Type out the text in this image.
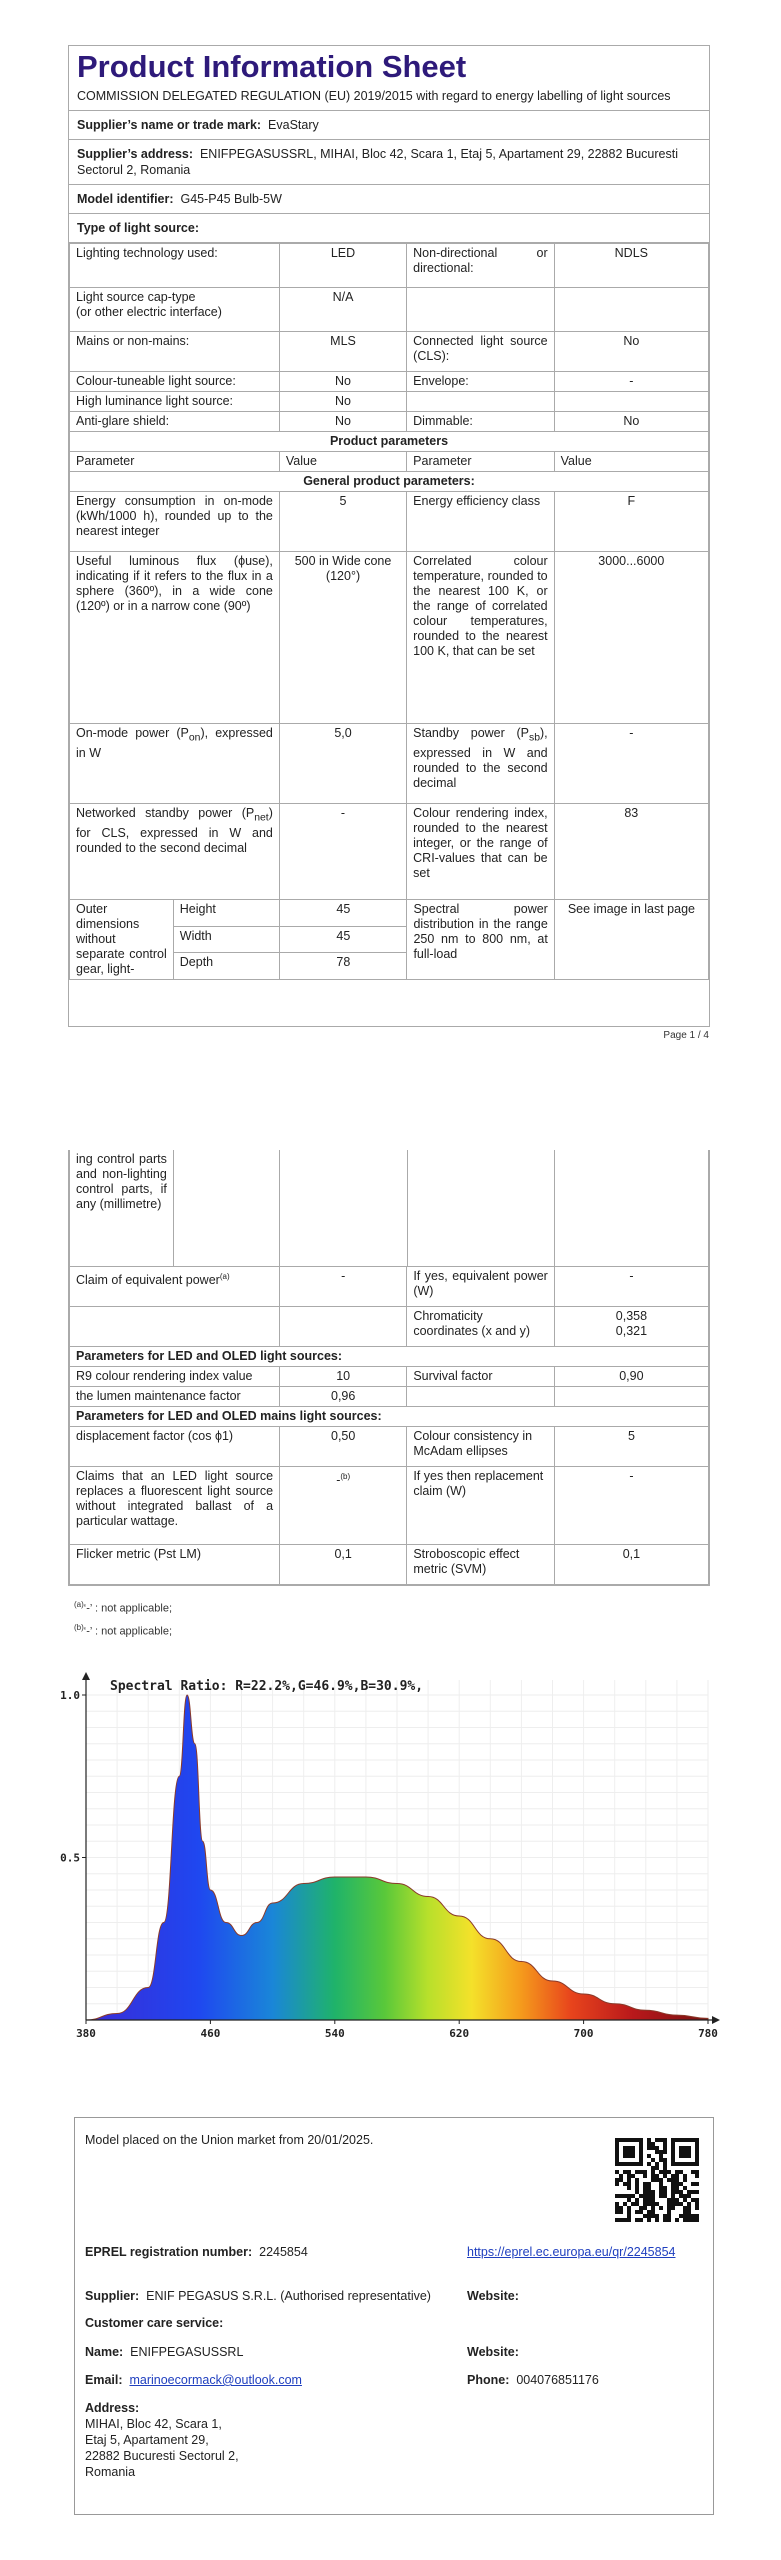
Product Information Sheet
COMMISSION DELEGATED REGULATION (EU) 2019/2015 with regard to energy labelling of light sources
Supplier’s name or trade mark: EvaStary
Supplier’s address: ENIFPEGASUSSRL, MIHAI, Bloc 42, Scara 1, Etaj 5, Apartament 29, 22882 Bucuresti Sectorul 2, Romania
Model identifier: G45-P45 Bulb-5W
Type of light source:
Lighting technology used:	LED	Non-directional or directional:	NDLS
Light source cap-type
(or other electric interface)	N/A		
Mains or non-mains:	MLS	Connected light source (CLS):	No
Colour-tuneable light source:	No	Envelope:	-
High luminance light source:	No		
Anti-glare shield:	No	Dimmable:	No
Product parameters			
Parameter	Value	Parameter	Value
General product parameters:			
Energy consumption in on-mode (kWh/1000 h), rounded up to the nearest integer	5	Energy efficiency class	F
Useful luminous flux (ϕuse), indicating if it refers to the flux in a sphere (360º), in a wide cone (120º) or in a narrow cone (90º)	500 in Wide cone (120°)	Correlated colour temperature, rounded to the nearest 100 K, or the range of correlated colour temperatures, rounded to the nearest 100 K, that can be set	3000...6000
On-mode power $(P_{on})$, expressed in W	5,0	Standby power $(P_{sb})$, expressed in W and rounded to the second decimal	-
Networked standby power $(P_{net})$ for CLS, expressed in W and rounded to the second decimal	-	Colour rendering index, rounded to the nearest integer, or the range of CRI-values that can be set	83
Outer dimensions without separate control gear, light-	Height	45	Spectral power distribution in the range 250 nm to 800 nm, at full-load	See image in last page
	Width	45		
	Depth	78		
Page 1 / 4
ing control parts and non-lighting control parts, if any (millimetre)				
Claim of equivalent power$^{(a)}$	-	If yes, equivalent power (W)	-
		Chromaticity coordinates (x and y)	0,358
0,321
Parameters for LED and OLED light sources:			
R9 colour rendering index value	10	Survival factor	0,90
the lumen maintenance factor	0,96		
Parameters for LED and OLED mains light sources:			
displacement factor (cos ϕ1)	0,50	Colour consistency in McAdam ellipses	5
Claims that an LED light source replaces a fluorescent light source without integrated ballast of a particular wattage.	-$^{(b)}$	If yes then replacement claim (W)	-
Flicker metric (Pst LM)	0,1	Stroboscopic effect metric (SVM)	0,1
$^{(a)}$‘-’ : not applicable;
$^{(b)}$‘-’ : not applicable;
380	460	540	620	700	780
0.5
1.0
Spectral Ratio: R=22.2%,G=46.9%,B=30.9%,
Model placed on the Union market from 20/01/2025.
EPREL registration number: 2245854	https://eprel.ec.europa.eu/qr/2245854
Supplier: ENIF PEGASUS S.R.L. (Authorised representative)	Website:
Customer care service:
Name: ENIFPEGASUSSRL	Website:
Email: marinoecormack@outlook.com	Phone: 004076851176
Address:
MIHAI, Bloc 42, Scara 1,
Etaj 5, Apartament 29,
22882 Bucuresti Sectorul 2,
Romania
